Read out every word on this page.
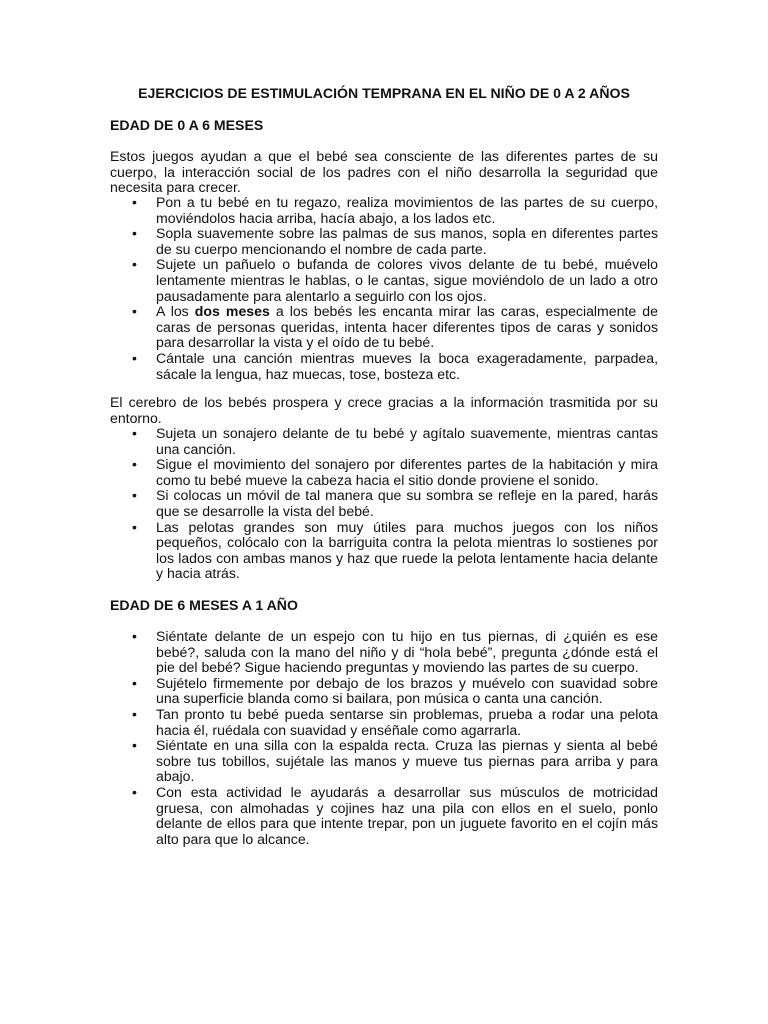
EJERCICIOS DE ESTIMULACIÓN TEMPRANA EN EL NIÑO DE 0 A 2 AÑOS
EDAD DE 0 A 6 MESES
Estos juegos ayudan a que el bebé sea consciente de las diferentes partes de su cuerpo, la interacción social de los padres con el niño desarrolla la seguridad que necesita para crecer.
• Pon a tu bebé en tu regazo, realiza movimientos de las partes de su cuerpo, moviéndolos hacia arriba, hacía abajo, a los lados etc.
• Sopla suavemente sobre las palmas de sus manos, sopla en diferentes partes de su cuerpo mencionando el nombre de cada parte.
• Sujete un pañuelo o bufanda de colores vivos delante de tu bebé, muévelo lentamente mientras le hablas, o le cantas, sigue moviéndolo de un lado a otro pausadamente para alentarlo a seguirlo con los ojos.
• A los dos meses a los bebés les encanta mirar las caras, especialmente de caras de personas queridas, intenta hacer diferentes tipos de caras y sonidos para desarrollar la vista y el oído de tu bebé.
• Cántale una canción mientras mueves la boca exageradamente, parpadea, sácale la lengua, haz muecas, tose, bosteza etc.
El cerebro de los bebés prospera y crece gracias a la información trasmitida por su entorno.
• Sujeta un sonajero delante de tu bebé y agítalo suavemente, mientras cantas una canción.
• Sigue el movimiento del sonajero por diferentes partes de la habitación y mira como tu bebé mueve la cabeza hacia el sitio donde proviene el sonido.
• Si colocas un móvil de tal manera que su sombra se refleje en la pared, harás que se desarrolle la vista del bebé.
• Las pelotas grandes son muy útiles para muchos juegos con los niños pequeños, colócalo con la barriguita contra la pelota mientras lo sostienes por los lados con ambas manos y haz que ruede la pelota lentamente hacia delante y hacia atrás.
EDAD DE 6 MESES A 1 AÑO
• Siéntate delante de un espejo con tu hijo en tus piernas, di ¿quién es ese bebé?, saluda con la mano del niño y di “hola bebé”, pregunta ¿dónde está el pie del bebé? Sigue haciendo preguntas y moviendo las partes de su cuerpo.
• Sujételo firmemente por debajo de los brazos y muévelo con suavidad sobre una superficie blanda como si bailara, pon música o canta una canción.
• Tan pronto tu bebé pueda sentarse sin problemas, prueba a rodar una pelota hacia él, ruédala con suavidad y enséñale como agarrarla.
• Siéntate en una silla con la espalda recta. Cruza las piernas y sienta al bebé sobre tus tobillos, sujétale las manos y mueve tus piernas para arriba y para abajo.
• Con esta actividad le ayudarás a desarrollar sus músculos de motricidad gruesa, con almohadas y cojines haz una pila con ellos en el suelo, ponlo delante de ellos para que intente trepar, pon un juguete favorito en el cojín más alto para que lo alcance.
